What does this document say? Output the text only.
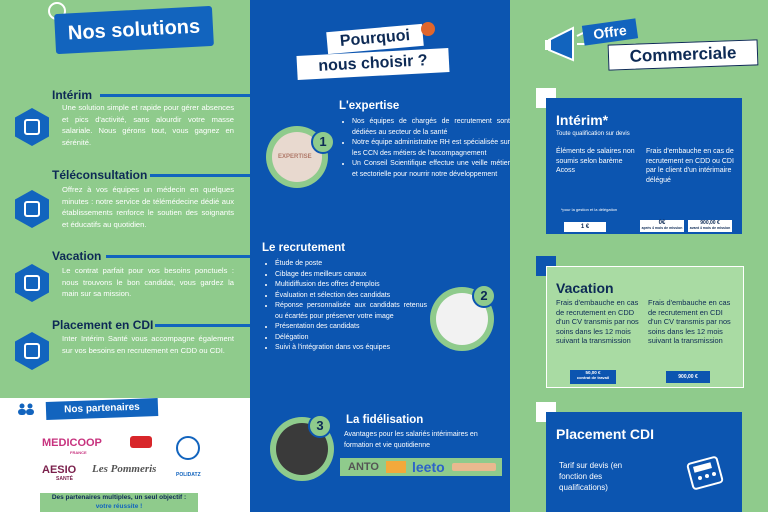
Nos solutions
Intérim
Une solution simple et rapide pour gérer absences et pics d'activité, sans alourdir votre masse salariale. Nous gérons tout, vous gagnez en sérénité.
Téléconsultation
Offrez à vos équipes un médecin en quelques minutes : notre service de télémédecine dédié aux établissements renforce le soutien des soignants et éducatifs au quotidien.
Vacation
Le contrat parfait pour vos besoins ponctuels : nous trouvons le bon candidat, vous gardez la main sur sa mission.
Placement en CDI
Inter Intérim Santé vous accompagne également sur vos besoins en recrutement en CDD ou CDI.
Nos partenaires
MEDICOOP
FRANCE
AESIO
SANTÉ
Les Pommeris	POLIDATZ
Des partenaires multiples, un seul objectif :
votre réussite !
Pourquoi
nous choisir ?
EXPERTISE
1
L'expertise
• Nos équipes de chargés de recrutement sont dédiées au secteur de la santé
• Notre équipe administrative RH est spécialisée sur les CCN des métiers de l'accompagnement
• Un Conseil Scientifique effectue une veille métier et sectorielle pour nourrir notre développement
Le recrutement
• Étude de poste
• Ciblage des meilleurs canaux
• Multidiffusion des offres d'emplois
• Évaluation et sélection des candidats
• Réponse personnalisée aux candidats retenus ou écartés pour préserver votre image
• Présentation des candidats
• Délégation
• Suivi à l'intégration dans vos équipes
2
3	La fidélisation
Avantages pour les salariés intérimaires en formation et vie quotidienne
ANTO leeto
Offre
Commerciale
Intérim*
Toute qualification sur devis
Éléments de salaires non soumis selon barème Acoss
Frais d'embauche en cas de recrutement en CDD ou CDI par le client d'un intérimaire délégué
*pour la gestion et la délégation
1 €
0€
après 4 mois de mission
900,00 €
avant 4 mois de mission
Vacation
Frais d'embauche en cas de recrutement en CDD d'un CV transmis par nos soins dans les 12 mois suivant la transmission
Frais d'embauche en cas de recrutement en CDI d'un CV transmis par nos soins dans les 12 mois suivant la transmission
50,00 €
contrat de travail	900,00 €
Placement CDI
Tarif sur devis (en fonction des qualifications)
